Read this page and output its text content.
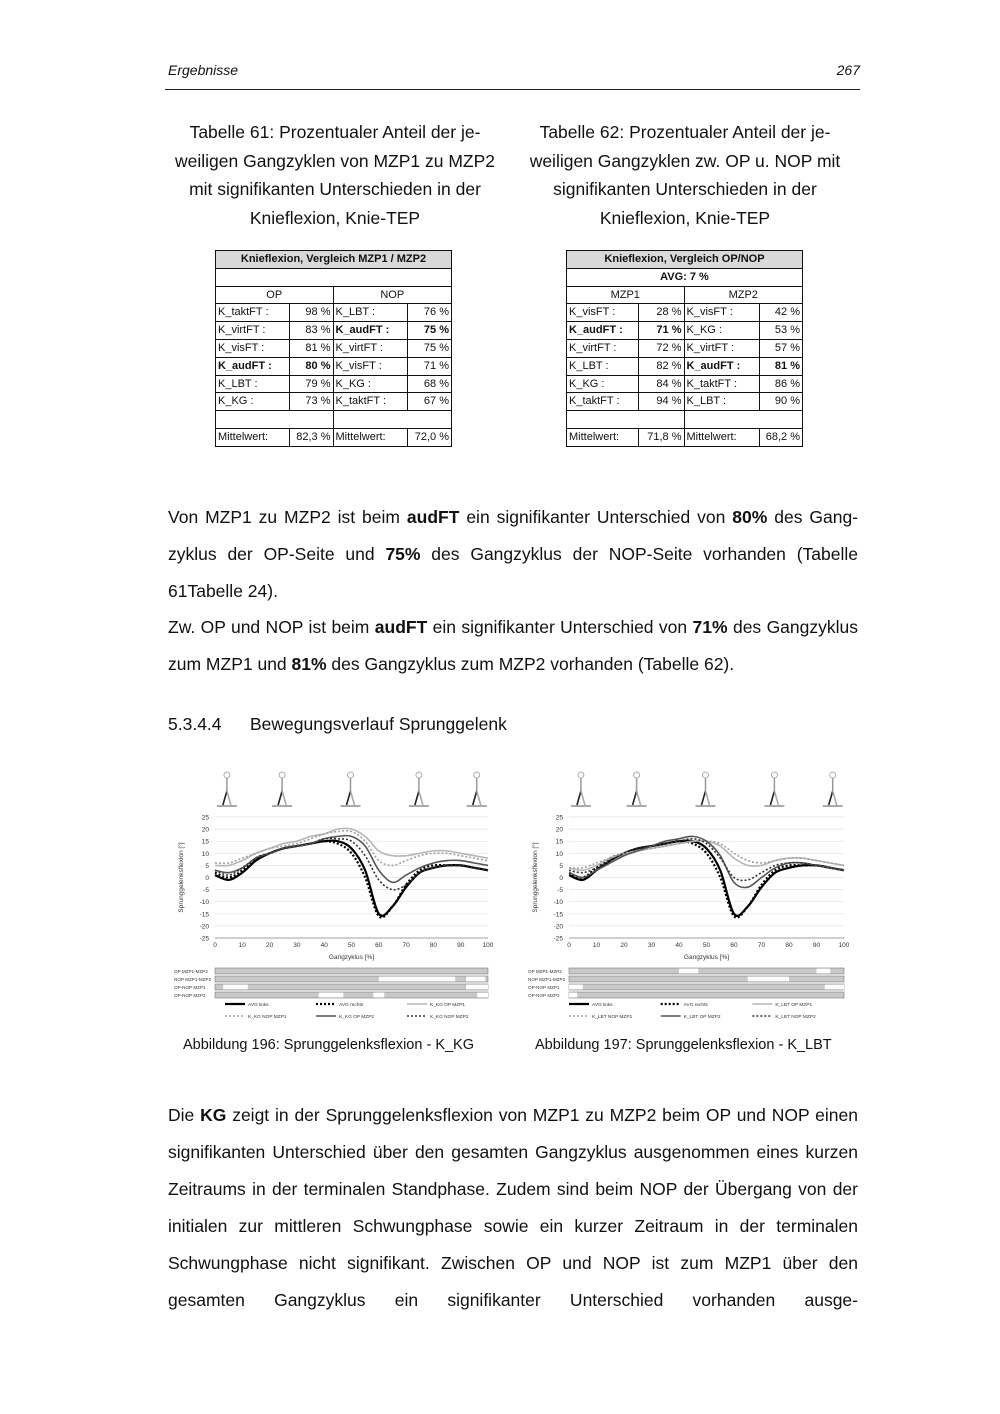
Ergebnisse	267
Tabelle 61: Prozentualer Anteil der je-
weiligen Gangzyklen von MZP1 zu MZP2
mit signifikanten Unterschieden in der
Knieflexion, Knie-TEP
Tabelle 62: Prozentualer Anteil der je-
weiligen Gangzyklen zw. OP u. NOP mit
signifikanten Unterschieden in der
Knieflexion, Knie-TEP
Knieflexion, Vergleich MZP1 / MZP2			

OP		NOP	
K_taktFT :	98 %	K_LBT :	76 %
K_virtFT :	83 %	K_audFT :	75 %
K_visFT :	81 %	K_virtFT :	75 %
K_audFT :	80 %	K_visFT :	71 %
K_LBT :	79 %	K_KG :	68 %
K_KG :	73 %	K_taktFT :	67 %

Mittelwert:	82,3 %	Mittelwert:	72,0 %
Knieflexion, Vergleich OP/NOP			
AVG: 7 %			
MZP1		MZP2	
K_visFT :	28 %	K_visFT :	42 %
K_audFT :	71 %	K_KG :	53 %
K_virtFT :	72 %	K_virtFT :	57 %
K_LBT :	82 %	K_audFT :	81 %
K_KG :	84 %	K_taktFT :	86 %
K_taktFT :	94 %	K_LBT :	90 %

Mittelwert:	71,8 %	Mittelwert:	68,2 %
Von MZP1 zu MZP2 ist beim audFT ein signifikanter Unterschied von 80% des Gangzyklus der OP-Seite und 75% des Gangzyklus der NOP-Seite vorhanden (Tabelle 61Tabelle 24).
Zw. OP und NOP ist beim audFT ein signifikanter Unterschied von 71% des Gangzyklus zum MZP1 und 81% des Gangzyklus zum MZP2 vorhanden (Tabelle 62).
5.3.4.4 Bewegungsverlauf Sprunggelenk
25
20
15
10
5
0
-5
-10
-15
-20
-25
0	10	20	30	40	50	60	70	80	90	100
Gangzyklus [%]
Sprunggelenksflexion [°]
OP MZP1-MZP2
NOP MZP1-MZP2
OP-NOP MZP1
OP-NOP MZP2
AVG links	AVG rechts	K_KG OP MZP1
K_KG NOP MZP1	K_KG OP MZP2	K_KG NOP MZP2
25
20
15
10
5
0
-5
-10
-15
-20
-25
0	10	20	30	40	50	60	70	80	90	100
Gangzyklus [%]
Sprunggelenksflexion [°]
OP MZP1-MZP2
NOP MZP1-MZP2
OP-NOP MZP1
OP-NOP MZP2
AVG links	AVG rechts	K_LBT OP MZP1
K_LBT NOP MZP1	K_LBT OP MZP2	K_LBT NOP MZP2
Abbildung 196: Sprunggelenksflexion - K_KG	Abbildung 197: Sprunggelenksflexion - K_LBT
Die KG zeigt in der Sprunggelenksflexion von MZP1 zu MZP2 beim OP und NOP einen signifikanten Unterschied über den gesamten Gangzyklus ausgenommen eines kurzen Zeitraums in der terminalen Standphase. Zudem sind beim NOP der Übergang von der initialen zur mittleren Schwungphase sowie ein kurzer Zeitraum in der terminalen Schwungphase nicht signifikant. Zwischen OP und NOP ist zum MZP1 über den gesamten Gangzyklus ein signifikanter Unterschied vorhanden ausge-
